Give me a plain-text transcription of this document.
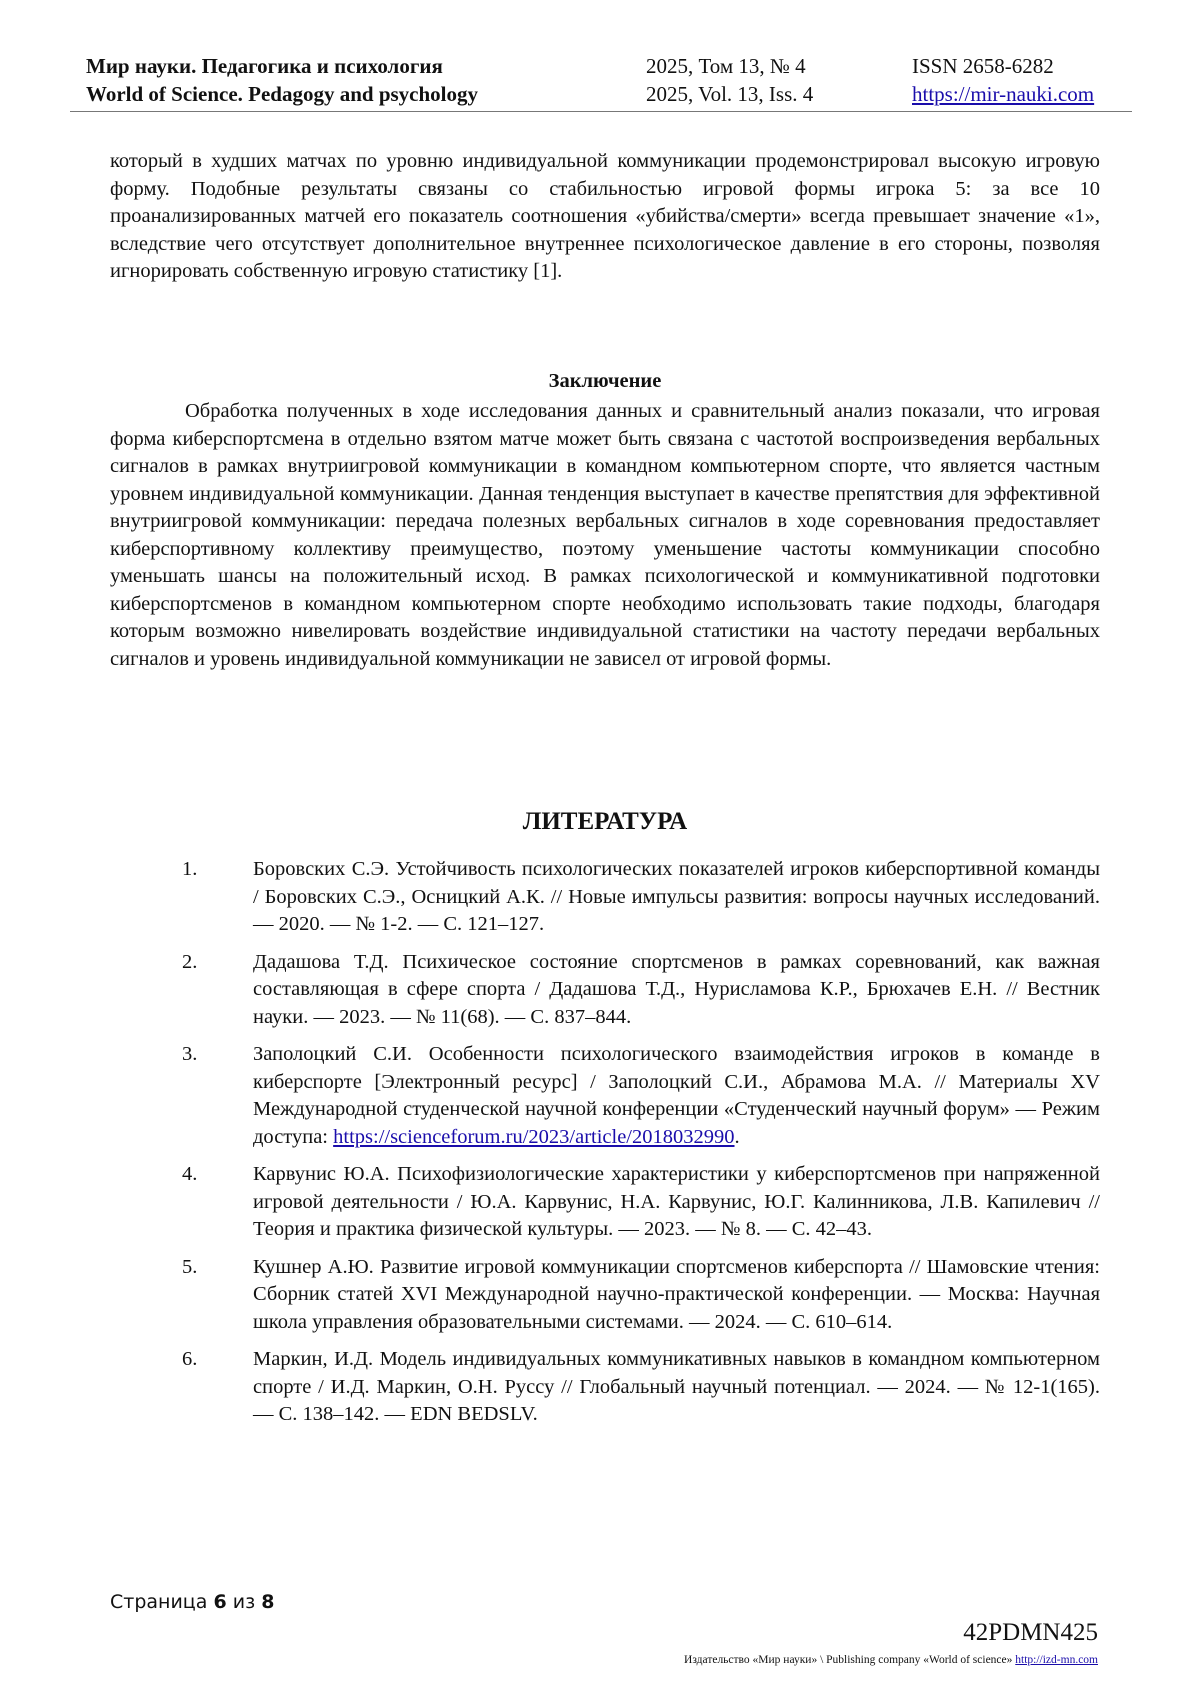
Мир науки. Педагогика и психология
World of Science. Pedagogy and psychology
2025, Том 13, № 4
2025, Vol. 13, Iss. 4
ISSN 2658-6282
https://mir-nauki.com
который в худших матчах по уровню индивидуальной коммуникации продемонстрировал высокую игровую форму. Подобные результаты связаны со стабильностью игровой формы игрока 5: за все 10 проанализированных матчей его показатель соотношения «убийства/смерти» всегда превышает значение «1», вследствие чего отсутствует дополнительное внутреннее психологическое давление в его стороны, позволяя игнорировать собственную игровую статистику [1].
Заключение
Обработка полученных в ходе исследования данных и сравнительный анализ показали, что игровая форма киберспортсмена в отдельно взятом матче может быть связана с частотой воспроизведения вербальных сигналов в рамках внутриигровой коммуникации в командном компьютерном спорте, что является частным уровнем индивидуальной коммуникации. Данная тенденция выступает в качестве препятствия для эффективной внутриигровой коммуникации: передача полезных вербальных сигналов в ходе соревнования предоставляет киберспортивному коллективу преимущество, поэтому уменьшение частоты коммуникации способно уменьшать шансы на положительный исход. В рамках психологической и коммуникативной подготовки киберспортсменов в командном компьютерном спорте необходимо использовать такие подходы, благодаря которым возможно нивелировать воздействие индивидуальной статистики на частоту передачи вербальных сигналов и уровень индивидуальной коммуникации не зависел от игровой формы.
ЛИТЕРАТУРА
1.	Боровских С.Э. Устойчивость психологических показателей игроков киберспортивной команды / Боровских С.Э., Осницкий А.К. // Новые импульсы развития: вопросы научных исследований. — 2020. — № 1-2. — С. 121–127.
2.	Дадашова Т.Д. Психическое состояние спортсменов в рамках соревнований, как важная составляющая в сфере спорта / Дадашова Т.Д., Нурисламова К.Р., Брюхачев Е.Н. // Вестник науки. — 2023. — № 11(68). — С. 837–844.
3.	Заполоцкий С.И. Особенности психологического взаимодействия игроков в команде в киберспорте [Электронный ресурс] / Заполоцкий С.И., Абрамова М.А. // Материалы XV Международной студенческой научной конференции «Студенческий научный форум» — Режим доступа: https://scienceforum.ru/2023/article/2018032990.
4.	Карвунис Ю.А. Психофизиологические характеристики у киберспортсменов при напряженной игровой деятельности / Ю.А. Карвунис, Н.А. Карвунис, Ю.Г. Калинникова, Л.В. Капилевич // Теория и практика физической культуры. — 2023. — № 8. — С. 42–43.
5.	Кушнер А.Ю. Развитие игровой коммуникации спортсменов киберспорта // Шамовские чтения: Сборник статей XVI Международной научно-практической конференции. — Москва: Научная школа управления образовательными системами. — 2024. — С. 610–614.
6.	Маркин, И.Д. Модель индивидуальных коммуникативных навыков в командном компьютерном спорте / И.Д. Маркин, О.Н. Руссу // Глобальный научный потенциал. — 2024. — № 12-1(165). — С. 138–142. — EDN BEDSLV.
Страница 6 из 8
42PDMN425
Издательство «Мир науки» \ Publishing company «World of science» http://izd-mn.com
